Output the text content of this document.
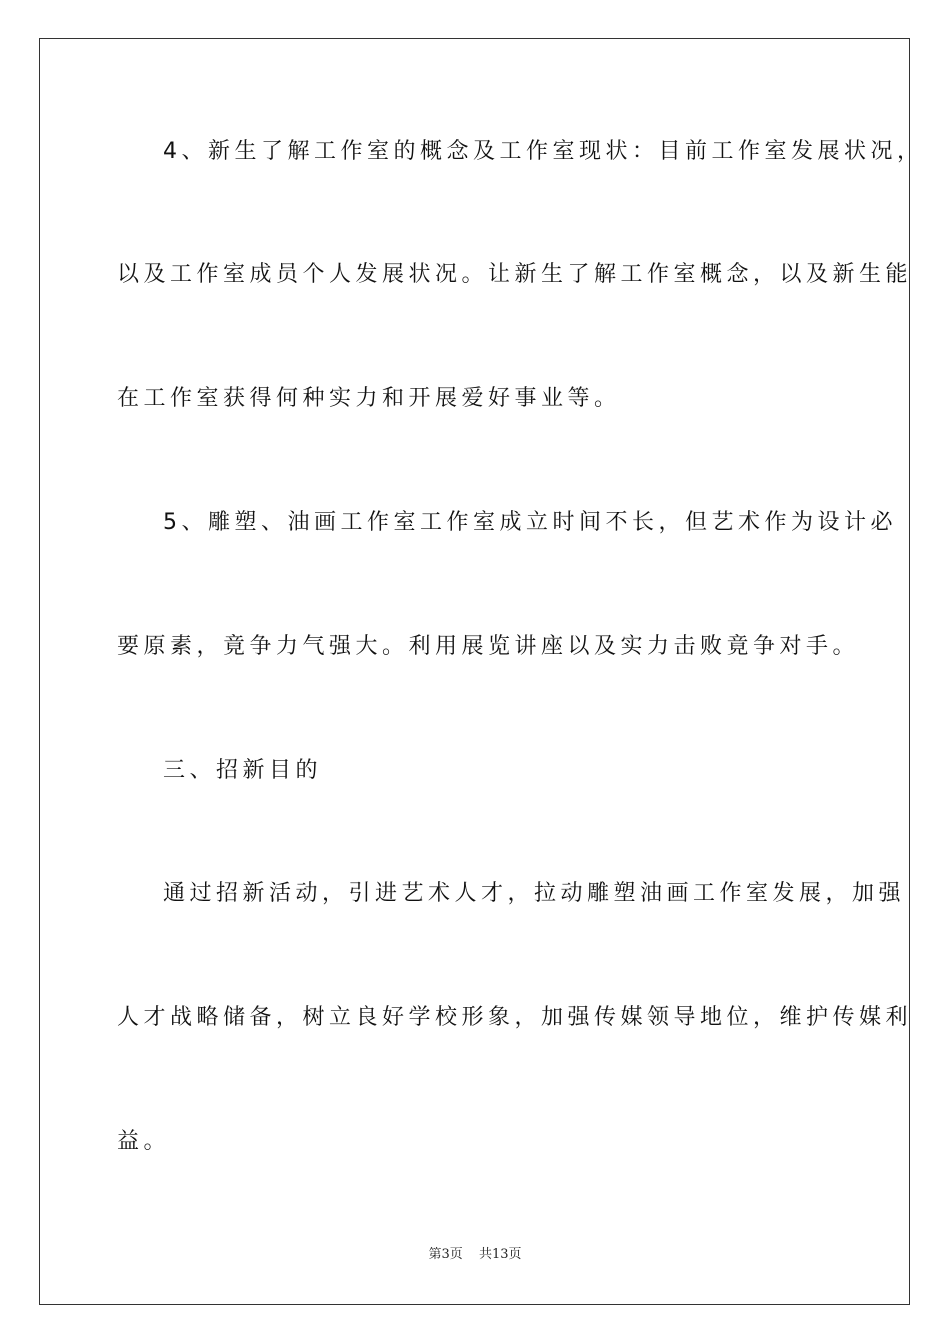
4、新生了解工作室的概念及工作室现状：目前工作室发展状况，
以及工作室成员个人发展状况。让新生了解工作室概念，以及新生能
在工作室获得何种实力和开展爱好事业等。
5、雕塑、油画工作室工作室成立时间不长，但艺术作为设计必
要原素，竟争力气强大。利用展览讲座以及实力击败竟争对手。
三、招新目的
通过招新活动，引进艺术人才，拉动雕塑油画工作室发展，加强
人才战略储备，树立良好学校形象，加强传媒领导地位，维护传媒利
益。
第3页 共13页
